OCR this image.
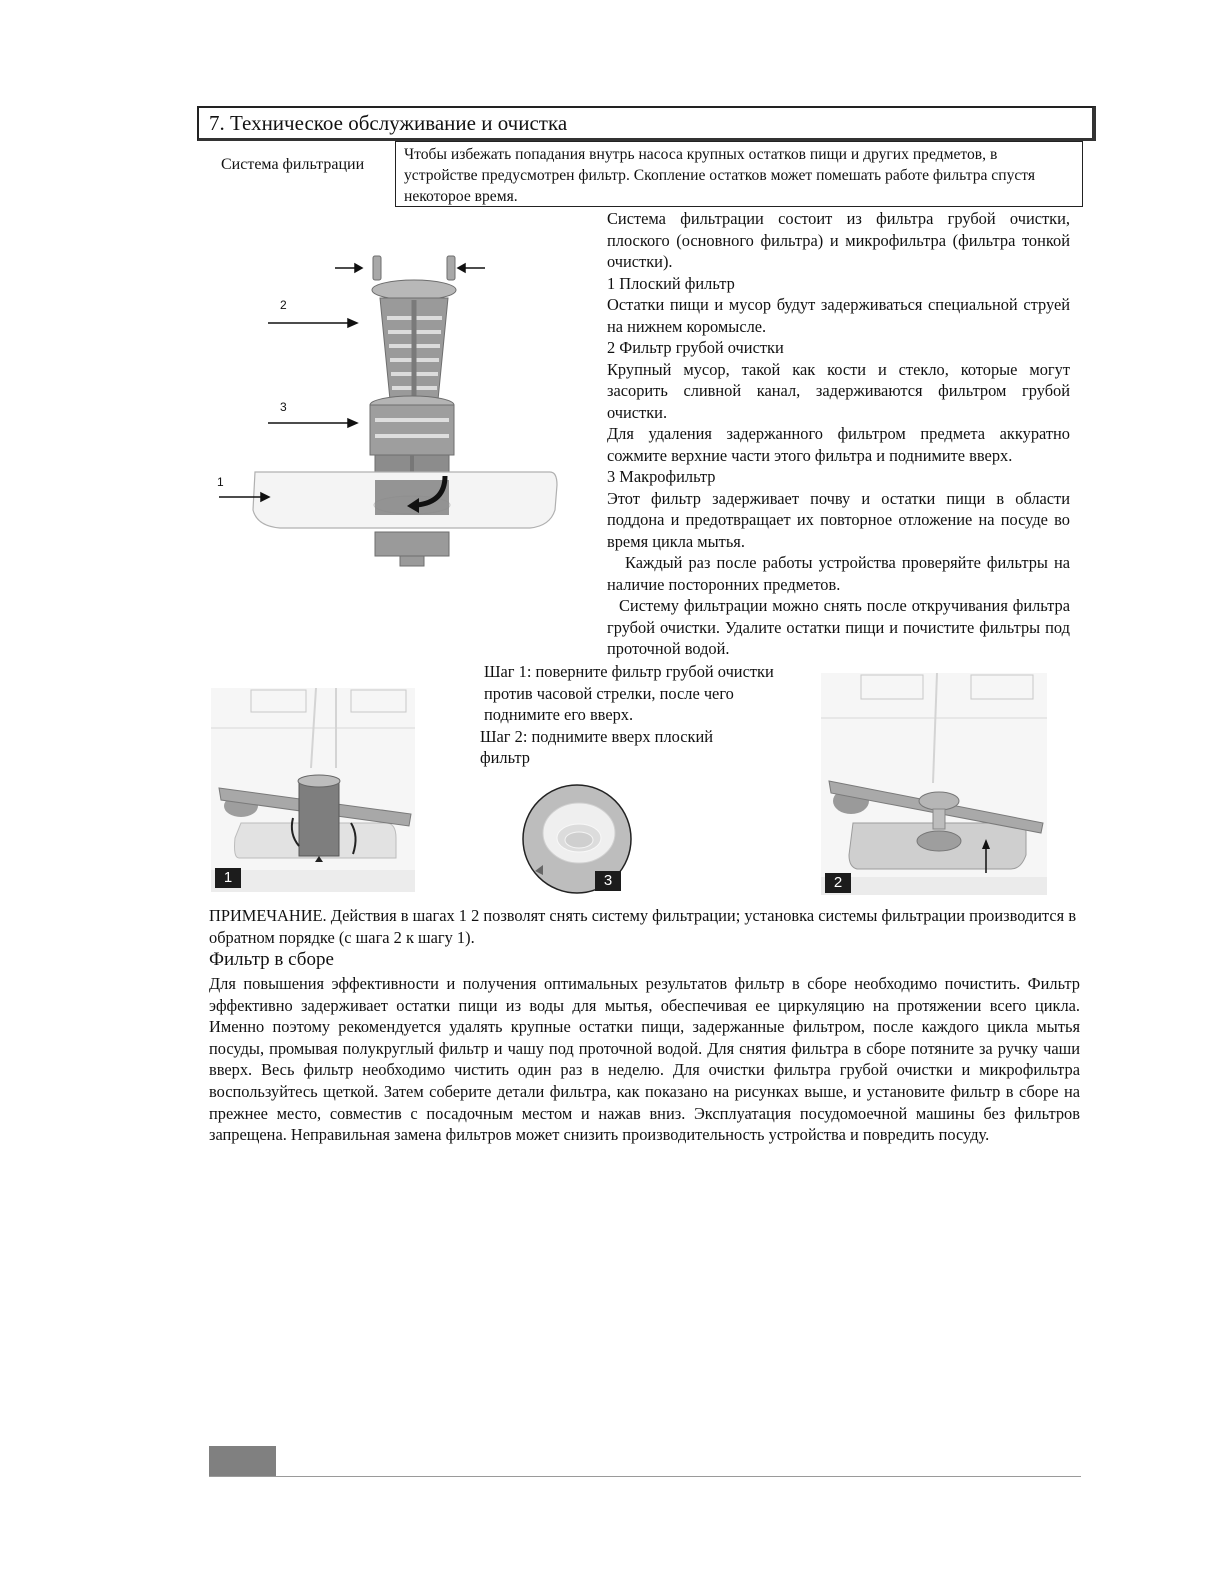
7. Техническое обслуживание и очистка
Система фильтрации
Чтобы избежать попадания внутрь насоса крупных остатков пищи и других предметов, в устройстве предусмотрен фильтр. Скопление остатков может помешать работе фильтра спустя некоторое время.
2
3
1

Система фильтрации состоит из фильтра грубой очистки, плоского (основного фильтра) и микрофильтра (фильтра тонкой очистки).

1 Плоский фильтр

Остатки пищи и мусор будут задерживаться специальной струей на нижнем коромысле.

2 Фильтр грубой очистки

Крупный мусор, такой как кости и стекло, которые могут засорить сливной канал, задерживаются фильтром грубой очистки.

Для удаления задержанного фильтром предмета аккуратно сожмите верхние части этого фильтра и поднимите вверх.

3 Макрофильтр

Этот фильтр задерживает почву и остатки пищи в области поддона и предотвращает их повторное отложение на посуде во время цикла мытья.

Каждый раз после работы устройства проверяйте фильтры на наличие посторонних предметов.

Систему фильтрации можно снять после откручивания фильтра грубой очистки. Удалите остатки пищи и почистите фильтры под проточной водой.

Шаг 1: поверните фильтр грубой очистки против часовой стрелки, после чего поднимите его вверх.

Шаг 2: поднимите вверх плоский фильтр

1	3	2
ПРИМЕЧАНИЕ. Действия в шагах 1 2 позволят снять систему фильтрации; установка системы фильтрации производится в обратном порядке (с шага 2 к шагу 1).
Фильтр в сборе
Для повышения эффективности и получения оптимальных результатов фильтр в сборе необходимо почистить. Фильтр эффективно задерживает остатки пищи из воды для мытья, обеспечивая ее циркуляцию на протяжении всего цикла. Именно поэтому рекомендуется удалять крупные остатки пищи, задержанные фильтром, после каждого цикла мытья посуды, промывая полукруглый фильтр и чашу под проточной водой. Для снятия фильтра в сборе потяните за ручку чаши вверх. Весь фильтр необходимо чистить один раз в неделю. Для очистки фильтра грубой очистки и микрофильтра воспользуйтесь щеткой. Затем соберите детали фильтра, как показано на рисунках выше, и установите фильтр в сборе на прежнее место, совместив с посадочным местом и нажав вниз. Эксплуатация посудомоечной машины без фильтров запрещена. Неправильная замена фильтров может снизить производительность устройства и повредить посуду.
